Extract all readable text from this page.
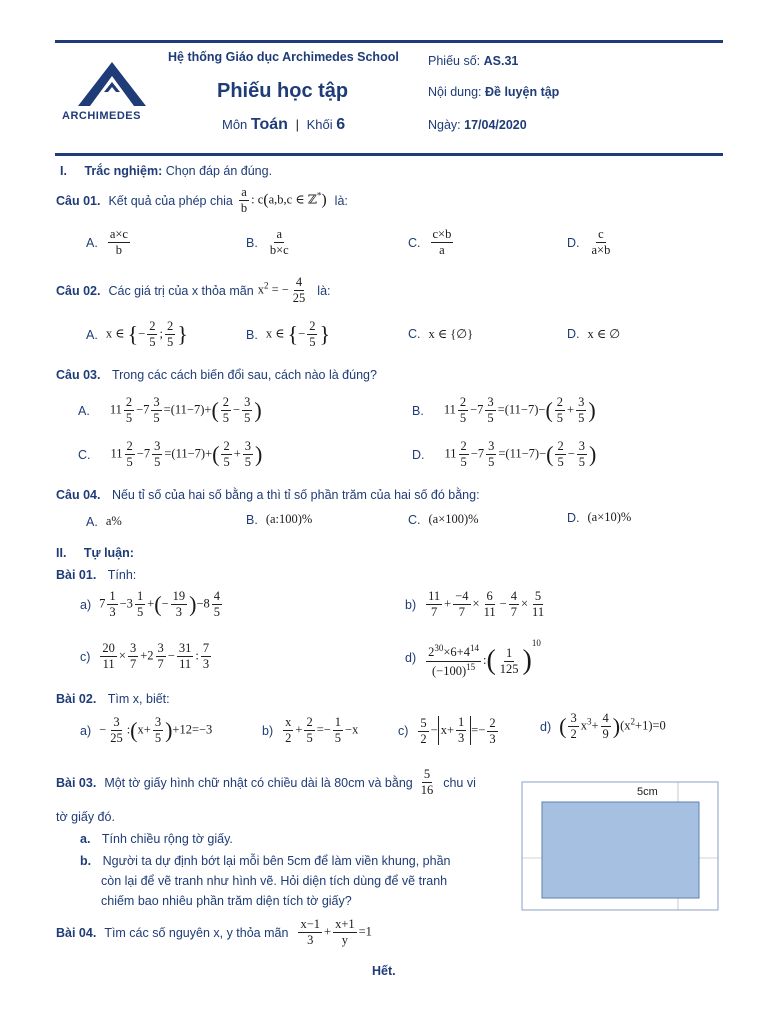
ARCHIMEDES
Hệ thống Giáo dục Archimedes School
Phiếu học tập
Môn Toán | Khối 6
Phiếu số: AS.31
Nội dung: Đề luyện tập
Ngày: 17/04/2020
I. Trắc nghiệm: Chọn đáp án đúng.
Câu 01. Kết quả của phép chia $\frac{a}{b}$ : c(a,b,c ∈ ℤ*) là:
A. $\frac{a\times c}{b}$	B. $\frac{a}{b\times c}$	C. $\frac{c\times b}{a}$	D. $\frac{c}{a\times b}$
Câu 02. Các giá trị của x thỏa mãn $x^2$ = − $\frac{4}{25}$ là:
A. x ∈ {− $\frac{2}{5}$ ; $\frac{2}{5}$ }	B. x ∈ {− $\frac{2}{5}$ }	C. x ∈ {∅}	D. x ∈ ∅
Câu 03. Trong các cách biến đổi sau, cách nào là đúng?
A. $11 \frac{2}{5} -7 \frac{3}{5} =(11-7)+( \frac{2}{5} - \frac{3}{5}$ )	B. $11 \frac{2}{5} -7 \frac{3}{5} =(11-7)-( \frac{2}{5} + \frac{3}{5}$ )
C. $11 \frac{2}{5} -7 \frac{3}{5} =(11-7)+( \frac{2}{5} + \frac{3}{5}$ )	D. $11 \frac{2}{5} -7 \frac{3}{5} =(11-7)-( \frac{2}{5} - \frac{3}{5}$ )
Câu 04. Nếu tỉ số của hai số bằng a thì tỉ số phần trăm của hai số đó bằng:
A. a%	B. (a:100)%	C. (a×100)%	D. (a×10)%
II. Tự luận:
Bài 01. Tính:
a) $7 \frac{1}{3} -3 \frac{1}{5}$ +(− $\frac{19}{3} )-8 \frac{4}{5}$	$b) \frac{11}{7} + \frac{-4}{7} \times \frac{6}{11} - \frac{4}{7} \times \frac{5}{11}$
$c) \frac{20}{11} \times \frac{3}{7} +2 \frac{3}{7} - \frac{31}{11}$ : $\frac{7}{3}$	$d) \frac{2^{30}\times 6+4^{14}}{(-100)^{15}}$ :( $\frac{1}{125} )^{10}$
Bài 02. Tìm x, biết:
$a) - \frac{3}{25}$ :(x+ $\frac{3}{5} )+12=-3$	$b) \frac{x}{2} + \frac{2}{5} =- \frac{1}{5} -x$	$c) \frac{5}{2} - x+ \frac{1}{3} =- \frac{2}{3}$	d) ( $\frac{3}{2} x^3+ \frac{4}{9} )(x^2+1)=0$
Bài 03. Một tờ giấy hình chữ nhật có chiều dài là 80cm và bằng $\frac{5}{16}$ chu vi
tờ giấy đó.
a. Tính chiều rộng tờ giấy.
b. Người ta dự định bớt lại mỗi bên 5cm để làm viền khung, phần
còn lại để vẽ tranh như hình vẽ. Hỏi diện tích dùng để vẽ tranh
chiếm bao nhiêu phần trăm diện tích tờ giấy?
5cm
Bài 04. Tìm các số nguyên x, y thỏa mãn $\frac{x-1}{3} + \frac{x+1}{y} =1$
Hết.
